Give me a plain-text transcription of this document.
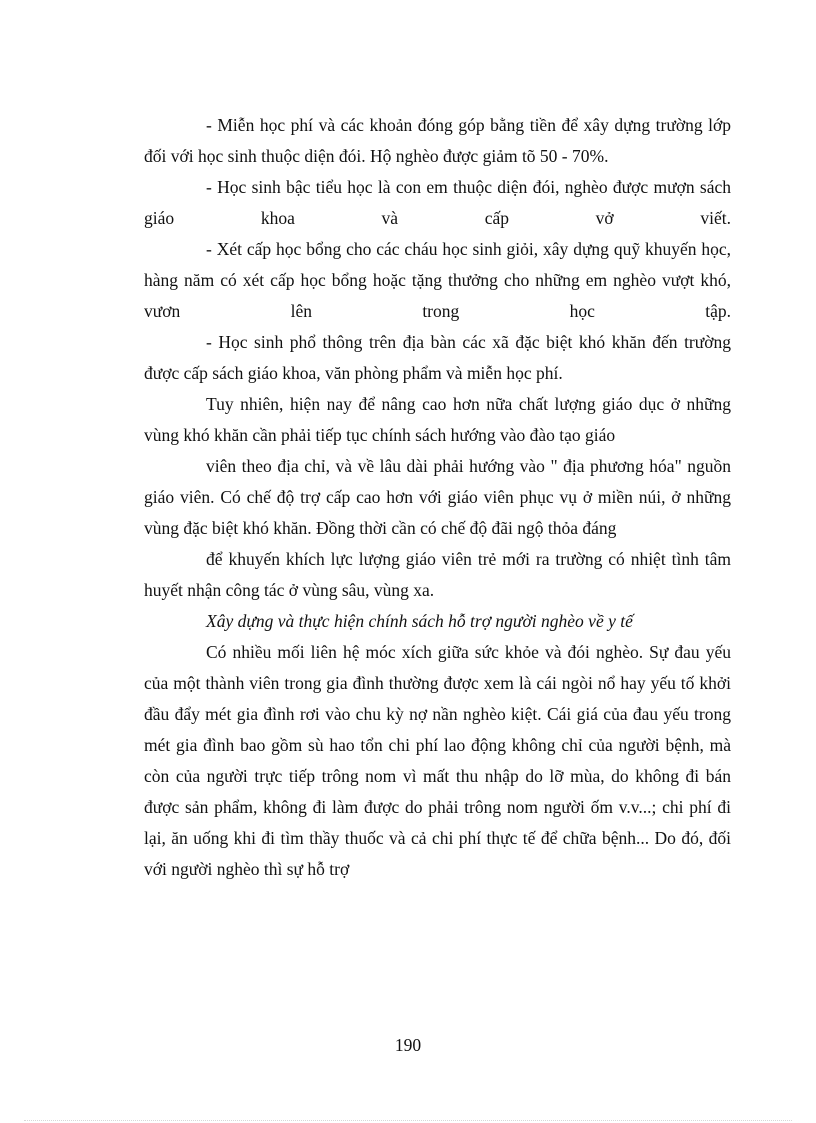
- Miễn học phí và các khoản đóng góp bằng tiền để xây dựng trường lớp đối với học sinh thuộc diện đói. Hộ nghèo được giảm tõ 50 - 70%.

- Học sinh bậc tiểu học là con em thuộc diện đói, nghèo được mượn sách giáo khoa và cấp vở viết.

- Xét cấp học bổng cho các cháu học sinh giỏi, xây dựng quỹ khuyến học, hàng năm có xét cấp học bổng hoặc tặng thưởng cho những em nghèo vượt khó, vươn lên trong học tập.

- Học sinh phổ thông trên địa bàn các xã đặc biệt khó khăn đến trường được cấp sách giáo khoa, văn phòng phẩm và miễn học phí.

Tuy nhiên, hiện nay để nâng cao hơn nữa chất lượng giáo dục ở những vùng khó khăn cần phải tiếp tục chính sách hướng vào đào tạo giáo

viên theo địa chỉ, và về lâu dài phải hướng vào " địa phương hóa" nguồn giáo viên. Có chế độ trợ cấp cao hơn với giáo viên phục vụ ở miền núi, ở những vùng đặc biệt khó khăn. Đồng thời cần có chế độ đãi ngộ thỏa đáng

để khuyến khích lực lượng giáo viên trẻ mới ra trường có nhiệt tình tâm huyết nhận công tác ở vùng sâu, vùng xa.

Xây dựng và thực hiện chính sách hỗ trợ người nghèo về y tế

Có nhiều mối liên hệ móc xích giữa sức khỏe và đói nghèo. Sự đau yếu của một thành viên trong gia đình thường được xem là cái ngòi nổ hay yếu tố khởi đầu đẩy mét gia đình rơi vào chu kỳ nợ nần nghèo kiệt. Cái giá của đau yếu trong mét gia đình bao gồm sù hao tổn chi phí lao động không chỉ của người bệnh, mà còn của người trực tiếp trông nom vì mất thu nhập do lỡ mùa, do không đi bán được sản phẩm, không đi làm được do phải trông nom người ốm v.v...; chi phí đi lại, ăn uống khi đi tìm thầy thuốc và cả chi phí thực tế để chữa bệnh... Do đó, đối với người nghèo thì sự hỗ trợ

190
